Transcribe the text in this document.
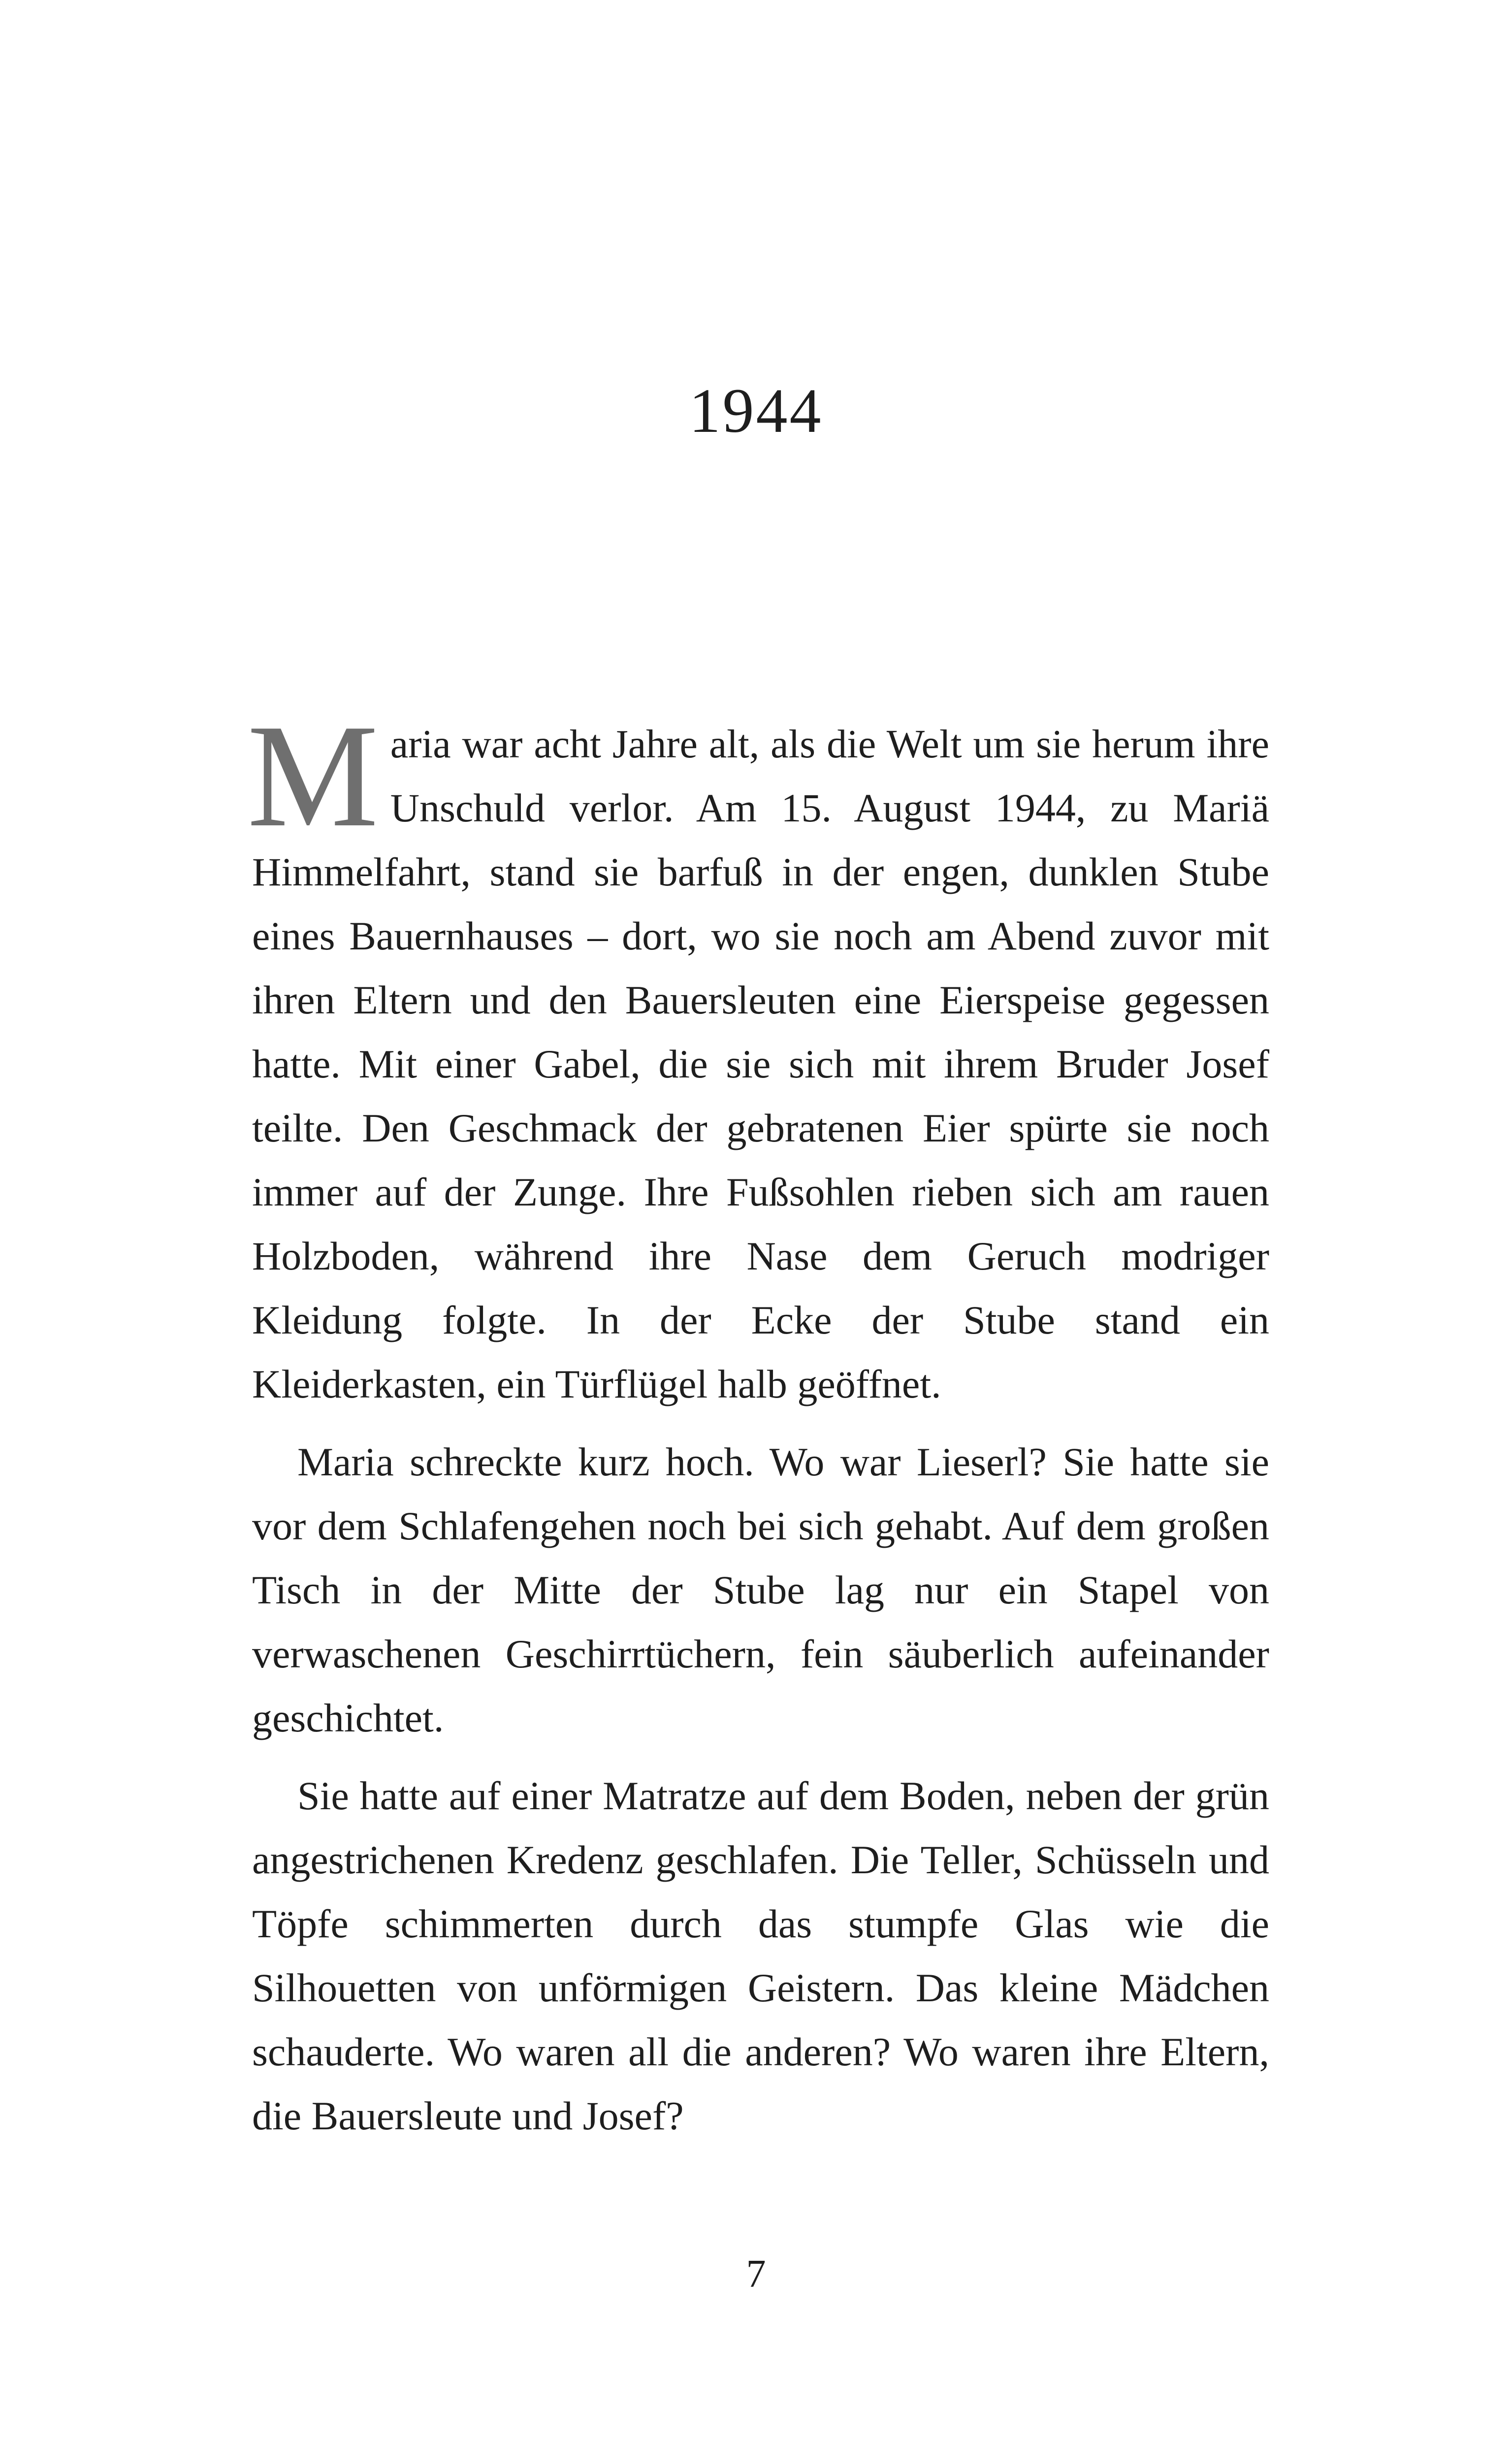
1944

Maria war acht Jahre alt, als die Welt um sie herum ihre Unschuld verlor. Am 15. August 1944, zu Mariä Himmelfahrt, stand sie barfuß in der engen, dunklen Stube eines Bauernhauses – dort, wo sie noch am Abend zuvor mit ihren Eltern und den Bauersleuten eine Eierspeise gegessen hatte. Mit einer Gabel, die sie sich mit ihrem Bruder Josef teilte. Den Geschmack der gebratenen Eier spürte sie noch immer auf der Zunge. Ihre Fußsohlen rieben sich am rauen Holzboden, während ihre Nase dem Geruch modriger Kleidung folgte. In der Ecke der Stube stand ein Kleiderkasten, ein Türflügel halb geöffnet.

Maria schreckte kurz hoch. Wo war Lieserl? Sie hatte sie vor dem Schlafengehen noch bei sich gehabt. Auf dem großen Tisch in der Mitte der Stube lag nur ein Stapel von verwaschenen Geschirrtüchern, fein säuberlich aufeinander geschichtet.

Sie hatte auf einer Matratze auf dem Boden, neben der grün angestrichenen Kredenz geschlafen. Die Teller, Schüsseln und Töpfe schimmerten durch das stumpfe Glas wie die Silhouetten von unförmigen Geistern. Das kleine Mädchen schauderte. Wo waren all die anderen? Wo waren ihre Eltern, die Bauersleute und Josef?

7
